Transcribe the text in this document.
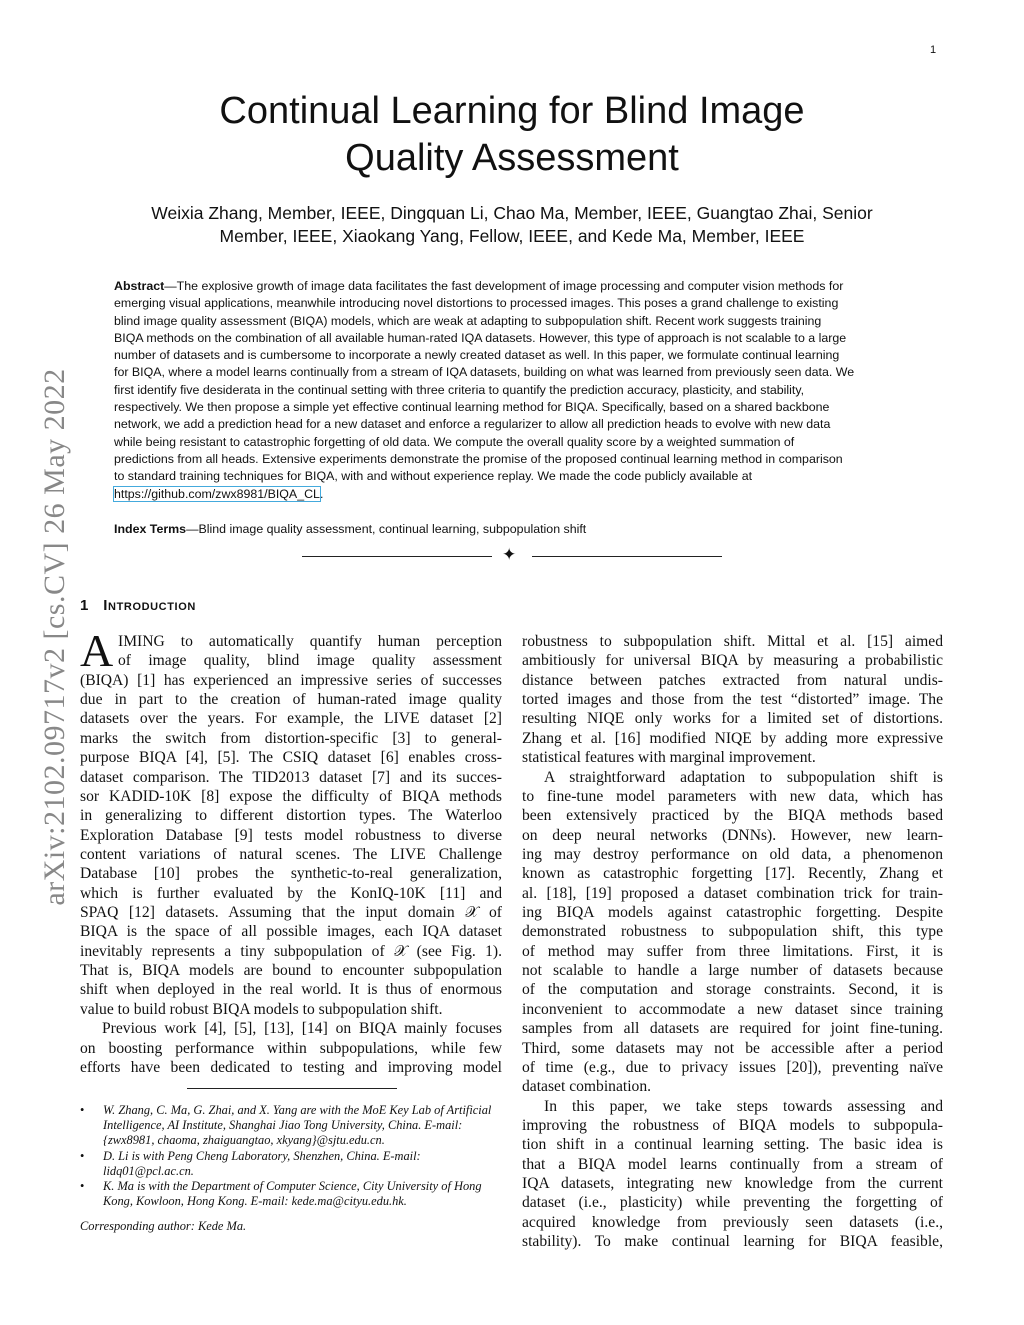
1
arXiv:2102.09717v2 [cs.CV] 26 May 2022
Continual Learning for Blind Image
Quality Assessment
Weixia Zhang, Member, IEEE, Dingquan Li, Chao Ma, Member, IEEE, Guangtao Zhai, Senior
Member, IEEE, Xiaokang Yang, Fellow, IEEE, and Kede Ma, Member, IEEE
Abstract—The explosive growth of image data facilitates the fast development of image processing and computer vision methods for
emerging visual applications, meanwhile introducing novel distortions to processed images. This poses a grand challenge to existing
blind image quality assessment (BIQA) models, which are weak at adapting to subpopulation shift. Recent work suggests training
BIQA methods on the combination of all available human-rated IQA datasets. However, this type of approach is not scalable to a large
number of datasets and is cumbersome to incorporate a newly created dataset as well. In this paper, we formulate continual learning
for BIQA, where a model learns continually from a stream of IQA datasets, building on what was learned from previously seen data. We
first identify five desiderata in the continual setting with three criteria to quantify the prediction accuracy, plasticity, and stability,
respectively. We then propose a simple yet effective continual learning method for BIQA. Specifically, based on a shared backbone
network, we add a prediction head for a new dataset and enforce a regularizer to allow all prediction heads to evolve with new data
while being resistant to catastrophic forgetting of old data. We compute the overall quality score by a weighted summation of
predictions from all heads. Extensive experiments demonstrate the promise of the proposed continual learning method in comparison
to standard training techniques for BIQA, with and without experience replay. We made the code publicly available at
https://github.com/zwx8981/BIQA_CL.
Index Terms—Blind image quality assessment, continual learning, subpopulation shift
✦
1 Introduction
A IMING to automatically quantify human perception
of image quality, blind image quality assessment
(BIQA) [1] has experienced an impressive series of successes
due in part to the creation of human-rated image quality
datasets over the years. For example, the LIVE dataset [2]
marks the switch from distortion-specific [3] to general-
purpose BIQA [4], [5]. The CSIQ dataset [6] enables cross-
dataset comparison. The TID2013 dataset [7] and its succes-
sor KADID-10K [8] expose the difficulty of BIQA methods
in generalizing to different distortion types. The Waterloo
Exploration Database [9] tests model robustness to diverse
content variations of natural scenes. The LIVE Challenge
Database [10] probes the synthetic-to-real generalization,
which is further evaluated by the KonIQ-10K [11] and
SPAQ [12] datasets. Assuming that the input domain 𝒳 of
BIQA is the space of all possible images, each IQA dataset
inevitably represents a tiny subpopulation of 𝒳 (see Fig. 1).
That is, BIQA models are bound to encounter subpopulation
shift when deployed in the real world. It is thus of enormous
value to build robust BIQA models to subpopulation shift.
Previous work [4], [5], [13], [14] on BIQA mainly focuses
on boosting performance within subpopulations, while few
efforts have been dedicated to testing and improving model
robustness to subpopulation shift. Mittal et al. [15] aimed
ambitiously for universal BIQA by measuring a probabilistic
distance between patches extracted from natural undis-
torted images and those from the test “distorted” image. The
resulting NIQE only works for a limited set of distortions.
Zhang et al. [16] modified NIQE by adding more expressive
statistical features with marginal improvement.
A straightforward adaptation to subpopulation shift is
to fine-tune model parameters with new data, which has
been extensively practiced by the BIQA methods based
on deep neural networks (DNNs). However, new learn-
ing may destroy performance on old data, a phenomenon
known as catastrophic forgetting [17]. Recently, Zhang et
al. [18], [19] proposed a dataset combination trick for train-
ing BIQA models against catastrophic forgetting. Despite
demonstrated robustness to subpopulation shift, this type
of method may suffer from three limitations. First, it is
not scalable to handle a large number of datasets because
of the computation and storage constraints. Second, it is
inconvenient to accommodate a new dataset since training
samples from all datasets are required for joint fine-tuning.
Third, some datasets may not be accessible after a period
of time (e.g., due to privacy issues [20]), preventing naïve
dataset combination.
In this paper, we take steps towards assessing and
improving the robustness of BIQA models to subpopula-
tion shift in a continual learning setting. The basic idea is
that a BIQA model learns continually from a stream of
IQA datasets, integrating new knowledge from the current
dataset (i.e., plasticity) while preventing the forgetting of
acquired knowledge from previously seen datasets (i.e.,
stability). To make continual learning for BIQA feasible,
• W. Zhang, C. Ma, G. Zhai, and X. Yang are with the MoE Key Lab of Artificial Intelligence, AI Institute, Shanghai Jiao Tong University, China. E-mail: {zwx8981, chaoma, zhaiguangtao, xkyang}@sjtu.edu.cn.
• D. Li is with Peng Cheng Laboratory, Shenzhen, China. E-mail: lidq01@pcl.ac.cn.
• K. Ma is with the Department of Computer Science, City University of Hong Kong, Kowloon, Hong Kong. E-mail: kede.ma@cityu.edu.hk.
Corresponding author: Kede Ma.
